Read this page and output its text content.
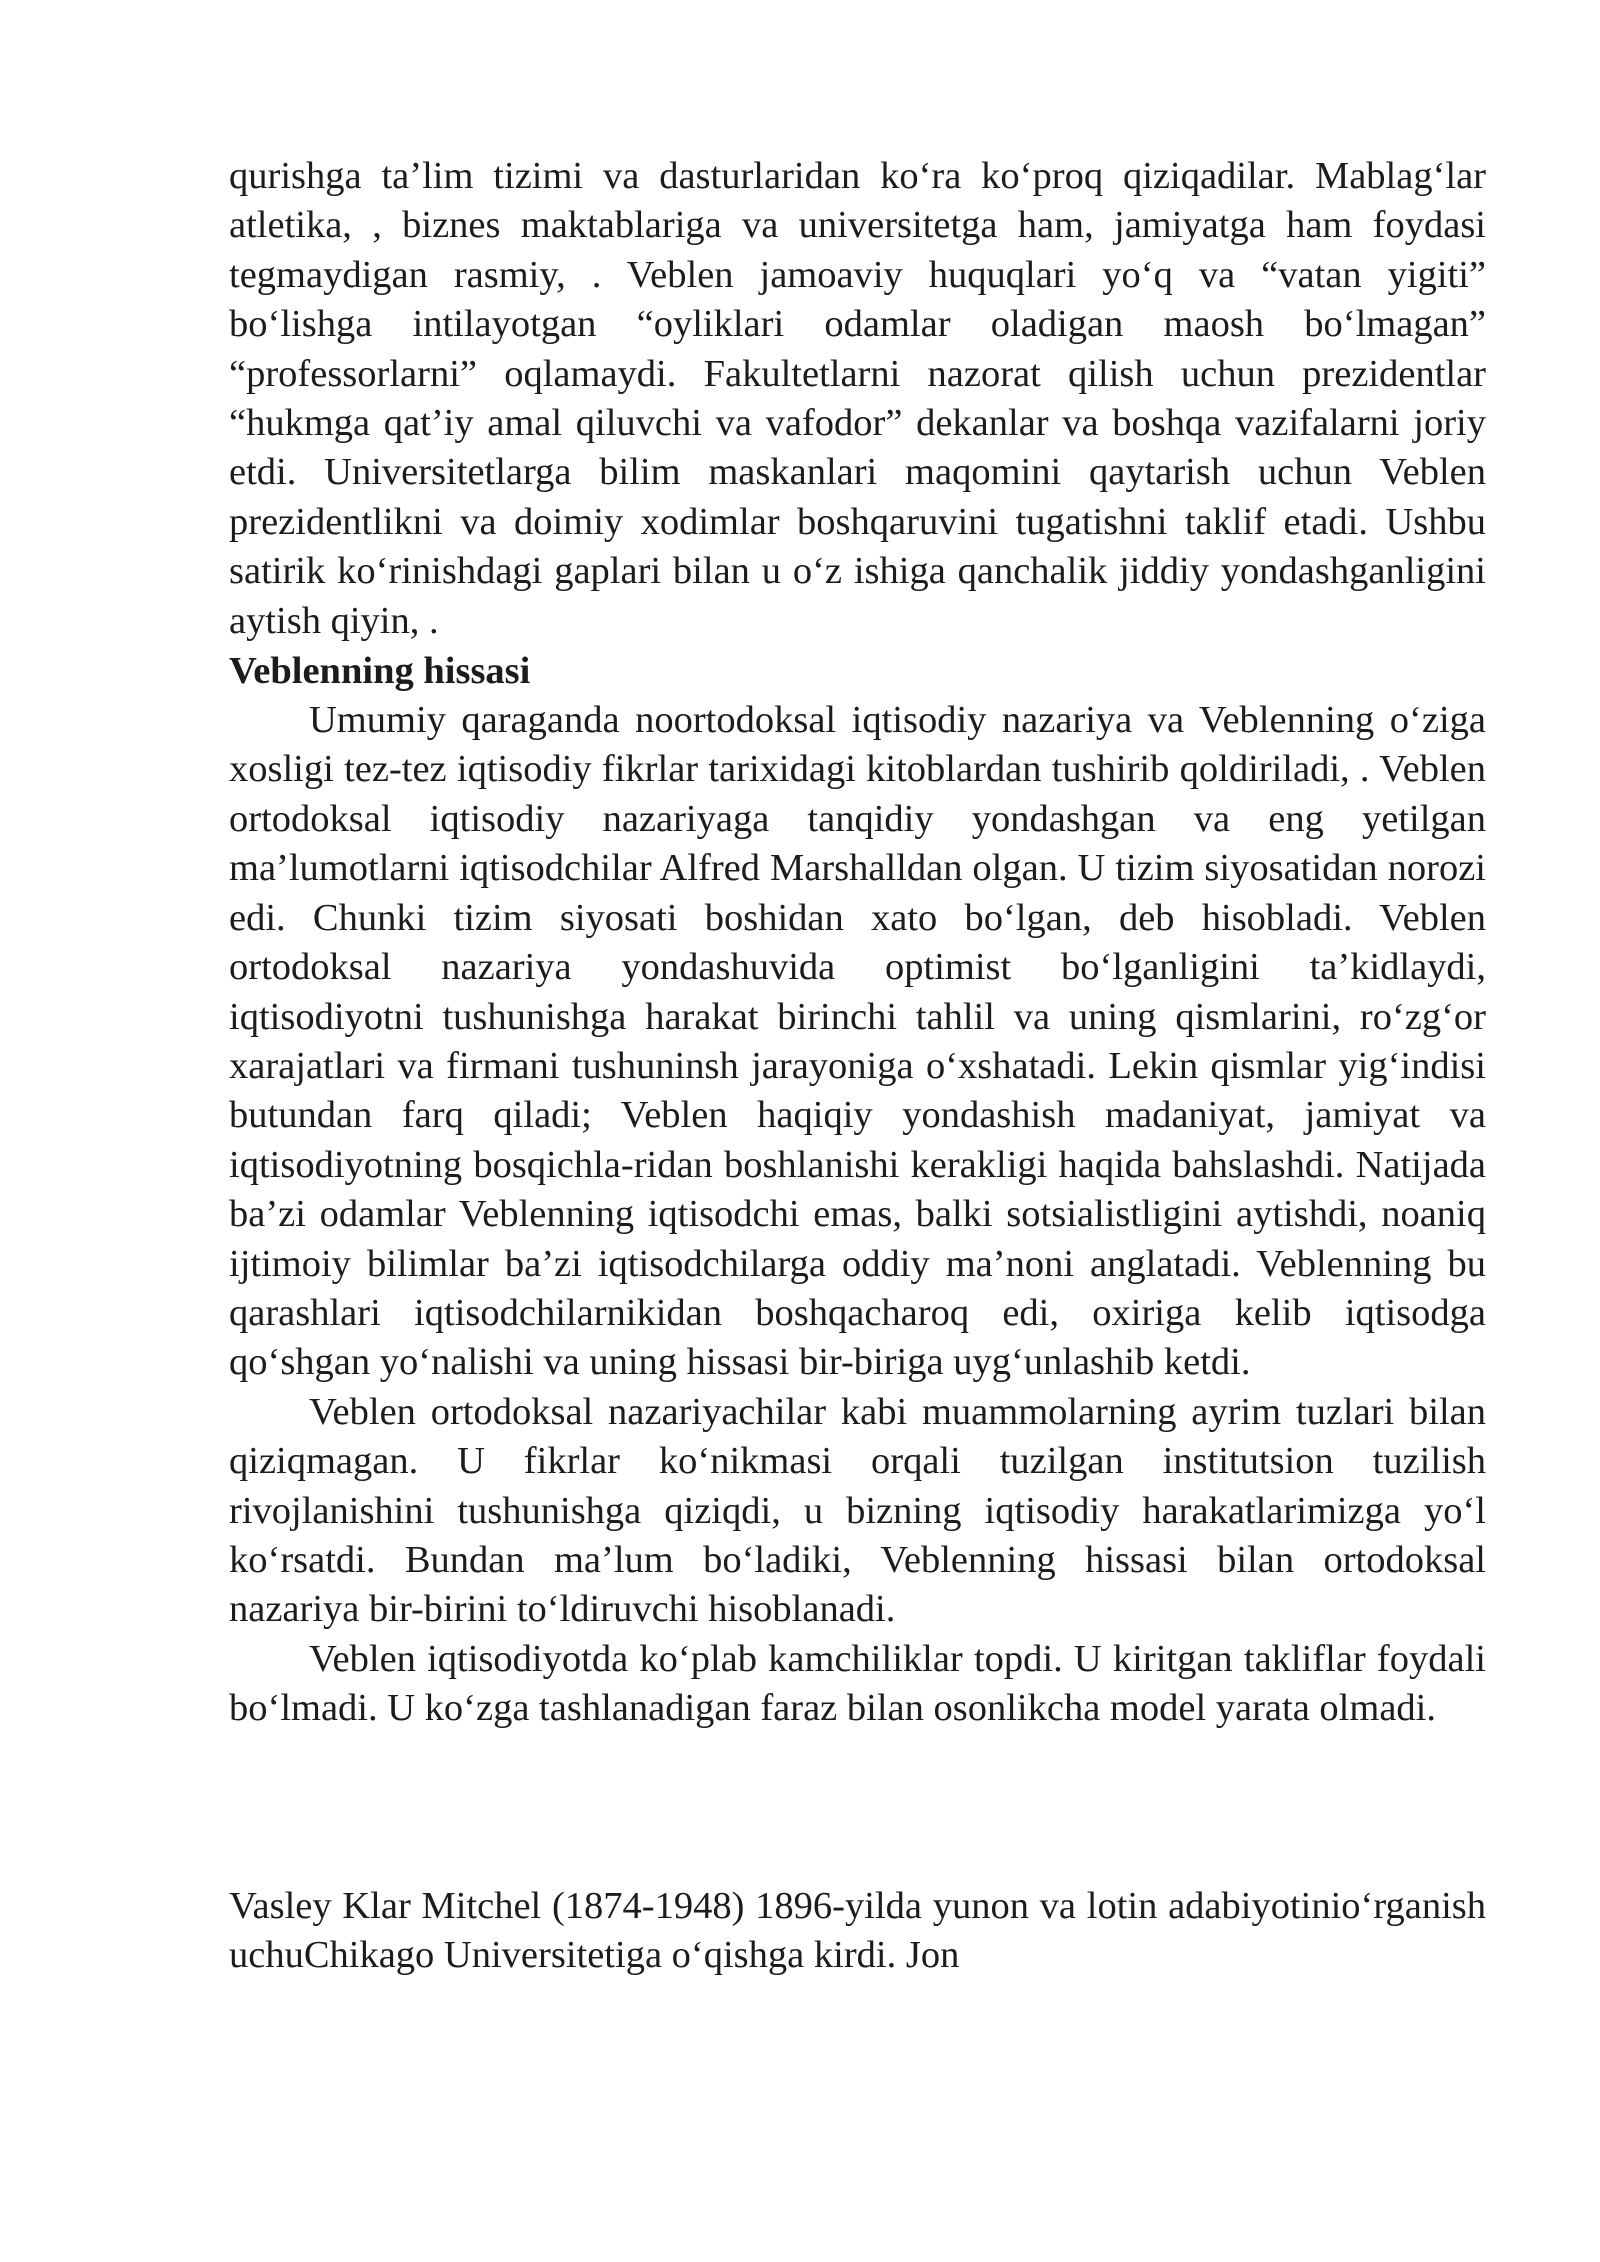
qurishga ta’lim tizimi va dasturlaridan ko‘ra ko‘proq qiziqadilar. Mablag‘lar atletika, , biznes maktablariga va universitetga ham, jamiyatga ham foydasi tegmaydigan rasmiy, . Veblen jamoaviy huquqlari yo‘q va “vatan yigiti” bo‘lishga intilayotgan “oyliklari odamlar oladigan maosh bo‘lmagan” “professorlarni” oqlamaydi. Fakultetlarni nazorat qilish uchun prezidentlar “hukmga qat’iy amal qiluvchi va vafodor” dekanlar va boshqa vazifalarni joriy etdi. Universitetlarga bilim maskanlari maqomini qaytarish uchun Veblen prezidentlikni va doimiy xodimlar boshqaruvini tugatishni taklif etadi. Ushbu satirik ko‘rinishdagi gaplari bilan u o‘z ishiga qanchalik jiddiy yondashganligini aytish qiyin, .

Veblenning hissasi

Umumiy qaraganda noortodoksal iqtisodiy nazariya va Veblenning o‘ziga xosligi tez-tez iqtisodiy fikrlar tarixidagi kitoblardan tushirib qoldiriladi, . Veblen ortodoksal iqtisodiy nazariyaga tanqidiy yondashgan va eng yetilgan ma’lumotlarni iqtisodchilar Alfred Marshalldan olgan. U tizim siyosatidan norozi edi. Chunki tizim siyosati boshidan xato bo‘lgan, deb hisobladi. Veblen ortodoksal nazariya yondashuvida optimist bo‘lganligini ta’kidlaydi, iqtisodiyotni tushunishga harakat birinchi tahlil va uning qismlarini, ro‘zg‘or xarajatlari va firmani tushuninsh jarayoniga o‘xshatadi. Lekin qismlar yig‘indisi butundan farq qiladi; Veblen haqiqiy yondashish madaniyat, jamiyat va iqtisodiyotning bosqichla-ridan boshlanishi kerakligi haqida bahslashdi. Natijada ba’zi odamlar Veblenning iqtisodchi emas, balki sotsialistligini aytishdi, noaniq ijtimoiy bilimlar ba’zi iqtisodchilarga oddiy ma’noni anglatadi. Veblenning bu qarashlari iqtisodchilarnikidan boshqacharoq edi, oxiriga kelib iqtisodga qo‘shgan yo‘nalishi va uning hissasi bir-biriga uyg‘unlashib ketdi.

Veblen ortodoksal nazariyachilar kabi muammolarning ayrim tuzlari bilan qiziqmagan. U fikrlar ko‘nikmasi orqali tuzilgan institutsion tuzilish rivojlanishini tushunishga qiziqdi, u bizning iqtisodiy harakatlarimizga yo‘l ko‘rsatdi. Bundan ma’lum bo‘ladiki, Veblenning hissasi bilan ortodoksal nazariya bir-birini to‘ldiruvchi hisoblanadi.

Veblen iqtisodiyotda ko‘plab kamchiliklar topdi. U kiritgan takliflar foydali bo‘lmadi. U ko‘zga tashlanadigan faraz bilan osonlikcha model yarata olmadi.

Vasley Klar Mitchel (1874-1948) 1896-yilda yunon va lotin adabiyotinio‘rganish uchuChikago Universitetiga o‘qishga kirdi. Jon
